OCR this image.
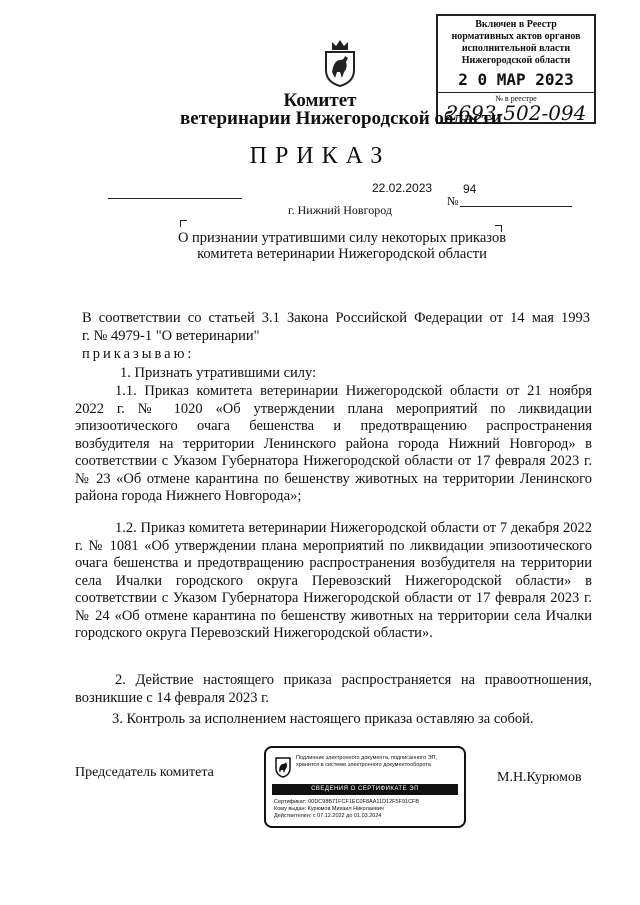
Включен в Реестр
нормативных актов органов
исполнительной власти
Нижегородской области
2 0 MAP 2023
№ в реестре
2693-502-094
Комитет
ветеринарии Нижегородской области
ПРИКАЗ
22.02.2023
№
94
г. Нижний Новгород
О признании утратившими силу некоторых приказов комитета ветеринарии Нижегородской области
В соответствии со статьей 3.1 Закона Российской Федерации от 14 мая 1993
г. № 4979-1 "О ветеринарии"
приказываю:
1. Признать утратившими силу:
1.1. Приказ комитета ветеринарии Нижегородской области от 21 ноября 2022 г. № 1020 «Об утверждении плана мероприятий по ликвидации эпизоотического очага бешенства и предотвращению распространения возбудителя на территории Ленинского района города Нижний Новгород» в соответствии с Указом Губернатора Нижегородской области от 17 февраля 2023 г. № 23 «Об отмене карантина по бешенству животных на территории Ленинского района города Нижнего Новгорода»;
1.2. Приказ комитета ветеринарии Нижегородской области от 7 декабря 2022 г. № 1081 «Об утверждении плана мероприятий по ликвидации эпизоотического очага бешенства и предотвращению распространения возбудителя на территории села Ичалки городского округа Перевозский Нижегородской области» в соответствии с Указом Губернатора Нижегородской области от 17 февраля 2023 г. № 24 «Об отмене карантина по бешенству животных на территории села Ичалки городского округа Перевозский Нижегородской области».
2. Действие настоящего приказа распространяется на правоотношения, возникшие с 14 февраля 2023 г.
3. Контроль за исполнением настоящего приказа оставляю за собой.
Председатель комитета	М.Н.Курюмов
Подлинник электронного документа, подписанного ЭП, хранится в системе электронного документооборота
СВЕДЕНИЯ О СЕРТИФИКАТЕ ЭП
Сертификат: 00DC98B71FCF1EC0F8AA11D12F5F91CFB
Кому выдан: Курюмов Михаил Николаевич
Действителен: с 07.12.2022 до 01.03.2024
